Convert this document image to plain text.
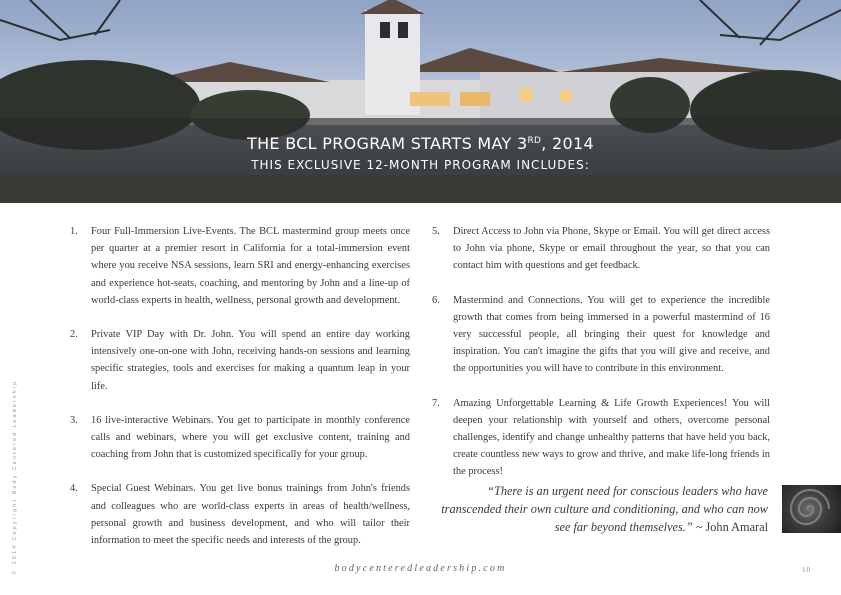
THE BCL PROGRAM STARTS MAY 3RD, 2014
THIS EXCLUSIVE 12-MONTH PROGRAM INCLUDES:
1.	Four Full-Immersion Live-Events. The BCL mastermind group meets once per quarter at a premier resort in California for a total-immersion event where you receive NSA sessions, learn SRI and energy-enhancing exercises and experience hot-seats, coaching, and mentoring by John and a line-up of world-class experts in health, wellness, personal growth and development.
2.	Private VIP Day with Dr. John. You will spend an entire day working intensively one-on-one with John, receiving hands-on sessions and learning specific strategies, tools and exercises for making a quantum leap in your life.
3.	16 live-interactive Webinars. You get to participate in monthly conference calls and webinars, where you will get exclusive content, training and coaching from John that is customized specifically for your group.
4.	Special Guest Webinars. You get live bonus trainings from John's friends and colleagues who are world-class experts in areas of health/wellness, personal growth and business development, and who will tailor their information to meet the specific needs and interests of the group.
5.	Direct Access to John via Phone, Skype or Email. You will get direct access to John via phone, Skype or email throughout the year, so that you can contact him with questions and get feedback.
6.	Mastermind and Connections. You will get to experience the incredible growth that comes from being immersed in a powerful mastermind of 16 very successful people, all bringing their quest for knowledge and inspiration. You can't imagine the gifts that you will give and receive, and the opportunities you will have to contribute in this environment.
7.	Amazing Unforgettable Learning & Life Growth Experiences! You will deepen your relationship with yourself and others, overcome personal challenges, identify and change unhealthy patterns that have held you back, create countless new ways to grow and thrive, and make life-long friends in the process!
“There is an urgent need for conscious leaders who have transcended their own culture and conditioning, and who can now see far beyond themselves.” ~ John Amaral
© 2014 Copyright Body Centered Leadership	bodycenteredleadership.com	10
